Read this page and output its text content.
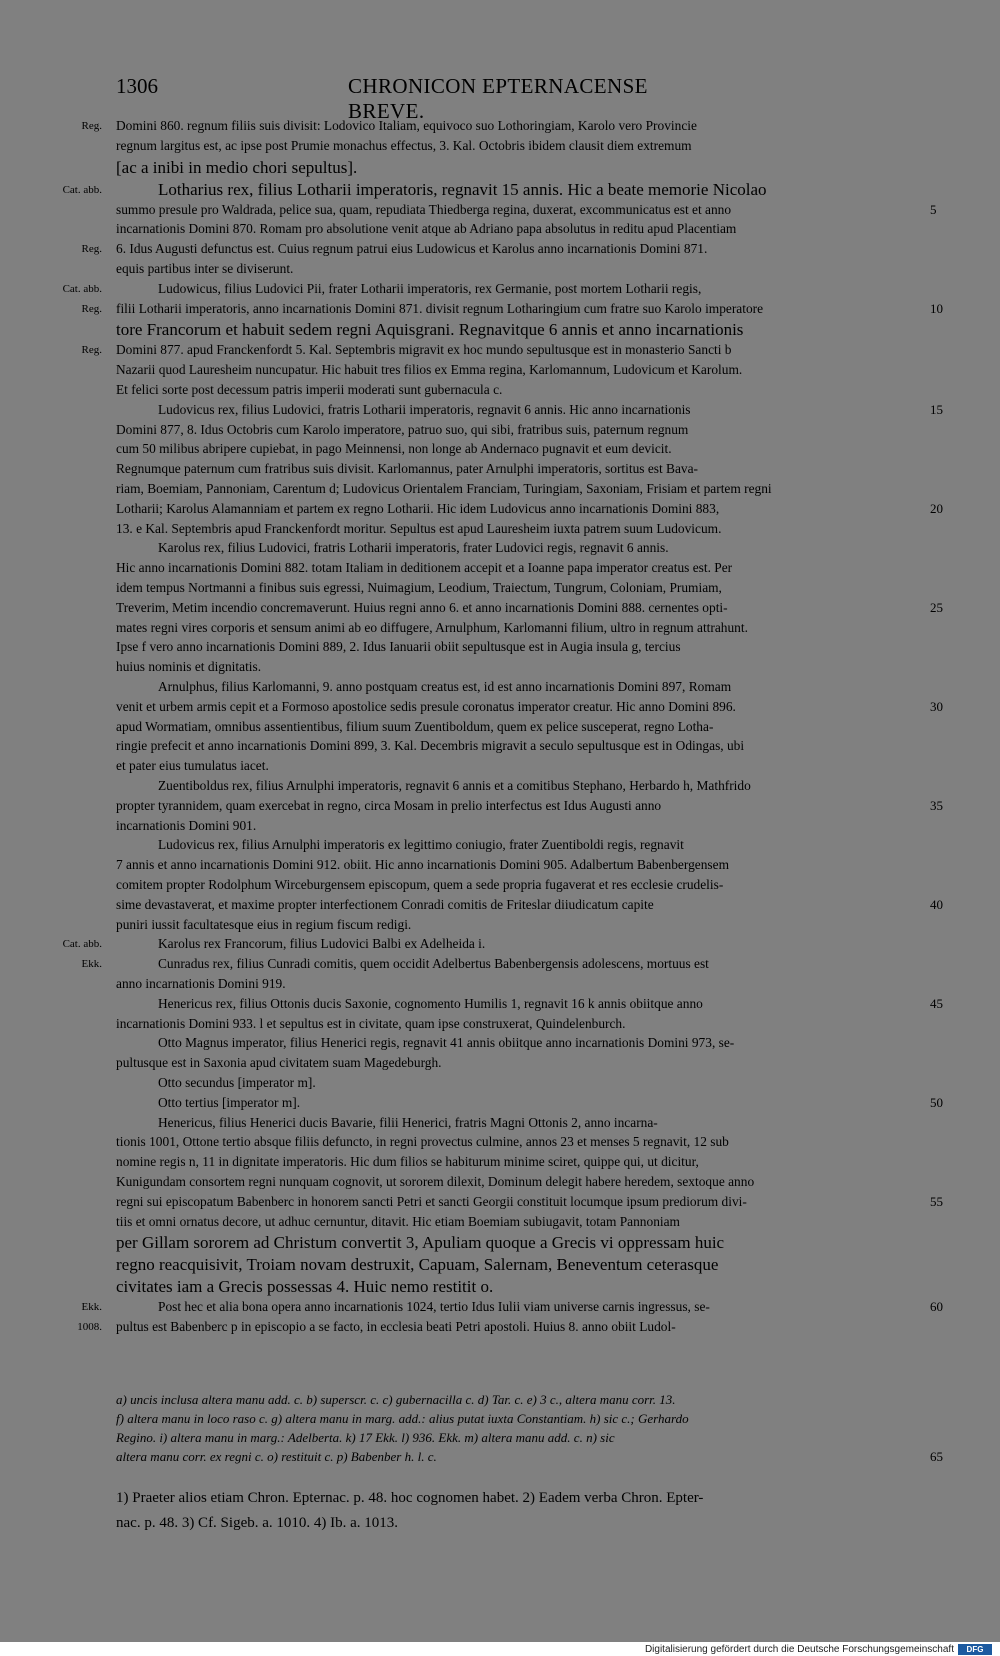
1306	CHRONICON EPTERNACENSE BREVE.
Domini 860. regnum filiis suis divisit: Lodovico Italiam, equivoco suo Lothoringiam, Karolo vero Provincie
Reg.
regnum largitus est, ac ipse post Prumie monachus effectus, 3. Kal. Octobris ibidem clausit diem extremum
[ac a inibi in medio chori sepultus].
Lotharius rex, filius Lotharii imperatoris, regnavit 15 annis. Hic a beate memorie Nicolao
Cat. abb.
summo presule pro Waldrada, pelice sua, quam, repudiata Thiedberga regina, duxerat, excommunicatus est et anno	5
incarnationis Domini 870. Romam pro absolutione venit atque ab Adriano papa absolutus in reditu apud Placentiam
6. Idus Augusti defunctus est. Cuius regnum patrui eius Ludowicus et Karolus anno incarnationis Domini 871.
Reg.
equis partibus inter se diviserunt.
Ludowicus, filius Ludovici Pii, frater Lotharii imperatoris, rex Germanie, post mortem Lotharii regis,
Cat. abb.
filii Lotharii imperatoris, anno incarnationis Domini 871. divisit regnum Lotharingium cum fratre suo Karolo imperatore
Reg.	10
tore Francorum et habuit sedem regni Aquisgrani. Regnavitque 6 annis et anno incarnationis
Domini 877. apud Franckenfordt 5. Kal. Septembris migravit ex hoc mundo sepultusque est in monasterio Sancti b
Reg.
Nazarii quod Lauresheim nuncupatur. Hic habuit tres filios ex Emma regina, Karlomannum, Ludovicum et Karolum.
Et felici sorte post decessum patris imperii moderati sunt gubernacula c.
Ludovicus rex, filius Ludovici, fratris Lotharii imperatoris, regnavit 6 annis. Hic anno incarnationis	15
Domini 877, 8. Idus Octobris cum Karolo imperatore, patruo suo, qui sibi, fratribus suis, paternum regnum
cum 50 milibus abripere cupiebat, in pago Meinnensi, non longe ab Andernaco pugnavit et eum devicit.
Regnumque paternum cum fratribus suis divisit. Karlomannus, pater Arnulphi imperatoris, sortitus est Bava-
riam, Boemiam, Pannoniam, Carentum d; Ludovicus Orientalem Franciam, Turingiam, Saxoniam, Frisiam et partem regni
Lotharii; Karolus Alamanniam et partem ex regno Lotharii. Hic idem Ludovicus anno incarnationis Domini 883,	20
13. e Kal. Septembris apud Franckenfordt moritur. Sepultus est apud Lauresheim iuxta patrem suum Ludovicum.
Karolus rex, filius Ludovici, fratris Lotharii imperatoris, frater Ludovici regis, regnavit 6 annis.
Hic anno incarnationis Domini 882. totam Italiam in deditionem accepit et a Ioanne papa imperator creatus est. Per
idem tempus Nortmanni a finibus suis egressi, Nuimagium, Leodium, Traiectum, Tungrum, Coloniam, Prumiam,
Treverim, Metim incendio concremaverunt. Huius regni anno 6. et anno incarnationis Domini 888. cernentes opti-	25
mates regni vires corporis et sensum animi ab eo diffugere, Arnulphum, Karlomanni filium, ultro in regnum attrahunt.
Ipse f vero anno incarnationis Domini 889, 2. Idus Ianuarii obiit sepultusque est in Augia insula g, tercius
huius nominis et dignitatis.
Arnulphus, filius Karlomanni, 9. anno postquam creatus est, id est anno incarnationis Domini 897, Romam
venit et urbem armis cepit et a Formoso apostolice sedis presule coronatus imperator creatur. Hic anno Domini 896.	30
apud Wormatiam, omnibus assentientibus, filium suum Zuentiboldum, quem ex pelice susceperat, regno Lotha-
ringie prefecit et anno incarnationis Domini 899, 3. Kal. Decembris migravit a seculo sepultusque est in Odingas, ubi
et pater eius tumulatus iacet.
Zuentiboldus rex, filius Arnulphi imperatoris, regnavit 6 annis et a comitibus Stephano, Herbardo h, Mathfrido
propter tyrannidem, quam exercebat in regno, circa Mosam in prelio interfectus est Idus Augusti anno	35
incarnationis Domini 901.
Ludovicus rex, filius Arnulphi imperatoris ex legittimo coniugio, frater Zuentiboldi regis, regnavit
7 annis et anno incarnationis Domini 912. obiit. Hic anno incarnationis Domini 905. Adalbertum Babenbergensem
comitem propter Rodolphum Wirceburgensem episcopum, quem a sede propria fugaverat et res ecclesie crudelis-
sime devastaverat, et maxime propter interfectionem Conradi comitis de Friteslar diiudicatum capite	40
puniri iussit facultatesque eius in regium fiscum redigi.
Karolus rex Francorum, filius Ludovici Balbi ex Adelheida i.
Cat. abb.
Cunradus rex, filius Cunradi comitis, quem occidit Adelbertus Babenbergensis adolescens, mortuus est
Ekk.
anno incarnationis Domini 919.
Henericus rex, filius Ottonis ducis Saxonie, cognomento Humilis 1, regnavit 16 k annis obiitque anno	45
incarnationis Domini 933. l et sepultus est in civitate, quam ipse construxerat, Quindelenburch.
Otto Magnus imperator, filius Henerici regis, regnavit 41 annis obiitque anno incarnationis Domini 973, se-
pultusque est in Saxonia apud civitatem suam Magedeburgh.
Otto secundus [imperator m].
Otto tertius [imperator m].	50
Henericus, filius Henerici ducis Bavarie, filii Henerici, fratris Magni Ottonis 2, anno incarna-
tionis 1001, Ottone tertio absque filiis defuncto, in regni provectus culmine, annos 23 et menses 5 regnavit, 12 sub
nomine regis n, 11 in dignitate imperatoris. Hic dum filios se habiturum minime sciret, quippe qui, ut dicitur,
Kunigundam consortem regni nunquam cognovit, ut sororem dilexit, Dominum delegit habere heredem, sextoque anno
regni sui episcopatum Babenberc in honorem sancti Petri et sancti Georgii constituit locumque ipsum prediorum divi-	55
tiis et omni ornatus decore, ut adhuc cernuntur, ditavit. Hic etiam Boemiam subiugavit, totam Pannoniam
per Gillam sororem ad Christum convertit 3, Apuliam quoque a Grecis vi oppressam huic
regno reacquisivit, Troiam novam destruxit, Capuam, Salernam, Beneventum ceterasque
civitates iam a Grecis possessas 4. Huic nemo restitit o.
Post hec et alia bona opera anno incarnationis 1024, tertio Idus Iulii viam universe carnis ingressus, se-
Ekk.	60
pultus est Babenberc p in episcopio a se facto, in ecclesia beati Petri apostoli. Huius 8. anno obiit Ludol-
1008.
a) uncis inclusa altera manu add. c. b) superscr. c. c) gubernacilla c. d) Tar. c. e) 3 c., altera manu corr. 13.
f) altera manu in loco raso c. g) altera manu in marg. add.: alius putat iuxta Constantiam. h) sic c.; Gerhardo
Regino. i) altera manu in marg.: Adelberta. k) 17 Ekk. l) 936. Ekk. m) altera manu add. c. n) sic
altera manu corr. ex regni c. o) restituit c. p) Babenber h. l. c.	65
1) Praeter alios etiam Chron. Epternac. p. 48. hoc cognomen habet. 2) Eadem verba Chron. Epter-
nac. p. 48. 3) Cf. Sigeb. a. 1010. 4) Ib. a. 1013.
Digitalisierung gefördert durch die Deutsche Forschungsgemeinschaft	DFG
